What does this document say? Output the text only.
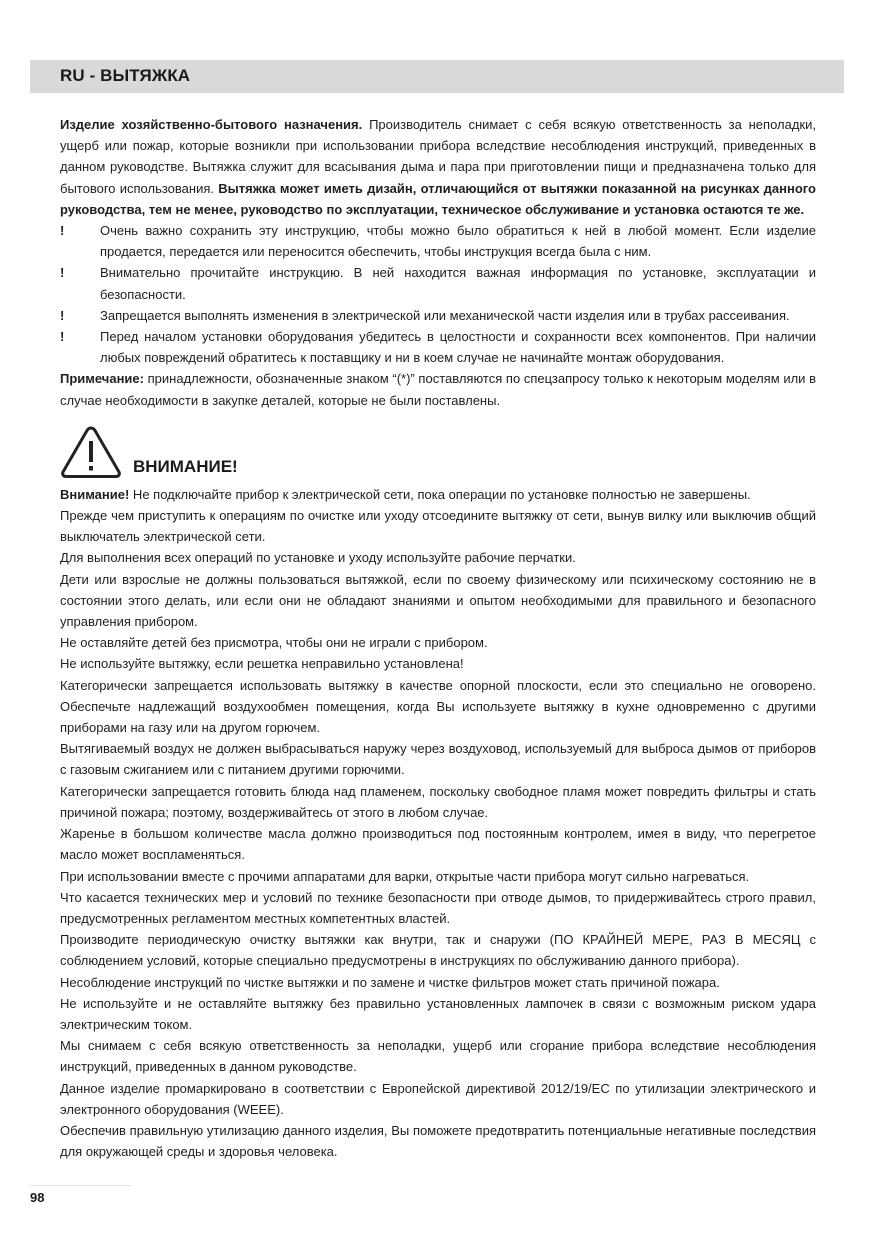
RU - ВЫТЯЖКА

Изделие хозяйственно-бытового назначения. Производитель снимает с себя всякую ответственность за неполадки, ущерб или пожар, которые возникли при использовании прибора вследствие несоблюдения инструкций, приведенных в данном руководстве. Вытяжка служит для всасывания дыма и пара при приготовлении пищи и предназначена только для бытового использования. Вытяжка может иметь дизайн, отличающийся от вытяжки показанной на рисунках данного руководства, тем не менее, руководство по эксплуатации, техническое обслуживание и установка остаются те же.

!	Очень важно сохранить эту инструкцию, чтобы можно было обратиться к ней в любой момент. Если изделие продается, передается или переносится обеспечить, чтобы инструкция всегда была с ним.

!	Внимательно прочитайте инструкцию. В ней находится важная информация по установке, эксплуатации и безопасности.

!	Запрещается выполнять изменения в электрической или механической части изделия или в трубах рассеивания.

!	Перед началом установки оборудования убедитесь в целостности и сохранности всех компонентов. При наличии любых повреждений обратитесь к поставщику и ни в коем случае не начинайте монтаж оборудования.

Примечание: принадлежности, обозначенные знаком “(*)” поставляются по спецзапросу только к некоторым моделям или в случае необходимости в закупке деталей, которые не были поставлены.

ВНИМАНИЕ!

Внимание! Не подключайте прибор к электрической сети, пока операции по установке полностью не завершены.

Прежде чем приступить к операциям по очистке или уходу отсоедините вытяжку от сети, вынув вилку или выключив общий выключатель электрической сети.

Для выполнения всех операций по установке и уходу используйте рабочие перчатки.

Дети или взрослые не должны пользоваться вытяжкой, если по своему физическому или психическому состоянию не в состоянии этого делать, или если они не обладают знаниями и опытом необходимыми для правильного и безопасного управления прибором.

Не оставляйте детей без присмотра, чтобы они не играли с прибором.

Не используйте вытяжку, если решетка неправильно установлена!

Категорически запрещается использовать вытяжку в качестве опорной плоскости, если это специально не оговорено. Обеспечьте надлежащий воздухообмен помещения, когда Вы используете вытяжку в кухне одновременно с другими приборами на газу или на другом горючем.

Вытягиваемый воздух не должен выбрасываться наружу через воздуховод, используемый для выброса дымов от приборов с газовым сжиганием или с питанием другими горючими.

Категорически запрещается готовить блюда над пламенем, поскольку свободное пламя может повредить фильтры и стать причиной пожара; поэтому, воздерживайтесь от этого в любом случае.

Жаренье в большом количестве масла должно производиться под постоянным контролем, имея в виду, что перегретое масло может воспламеняться.

При использовании вместе с прочими аппаратами для варки, открытые части прибора могут сильно нагреваться.

Что касается технических мер и условий по технике безопасности при отводе дымов, то придерживайтесь строго правил, предусмотренных регламентом местных компетентных властей.

Производите периодическую очистку вытяжки как внутри, так и снаружи (ПО КРАЙНЕЙ МЕРЕ, РАЗ В МЕСЯЦ с соблюдением условий, которые специально предусмотрены в инструкциях по обслуживанию данного прибора).

Несоблюдение инструкций по чистке вытяжки и по замене и чистке фильтров может стать причиной пожара.

Не используйте и не оставляйте вытяжку без правильно установленных лампочек в связи с возможным риском удара электрическим током.

Мы снимаем с себя всякую ответственность за неполадки, ущерб или сгорание прибора вследствие несоблюдения инструкций, приведенных в данном руководстве.

Данное изделие промаркировано в соответствии с Европейской директивой 2012/19/EC по утилизации электрического и электронного оборудования (WEEE).

Обеспечив правильную утилизацию данного изделия, Вы поможете предотвратить потенциальные негативные последствия для окружающей среды и здоровья человека.

98
